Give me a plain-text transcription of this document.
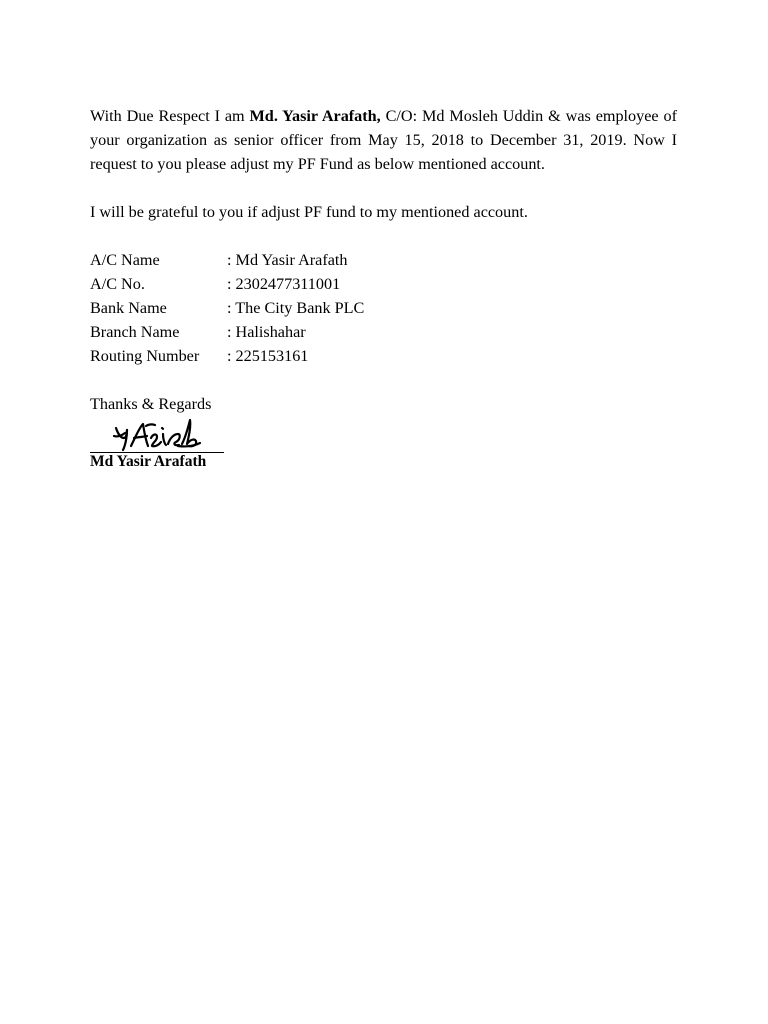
With Due Respect I am Md. Yasir Arafath, C/O: Md Mosleh Uddin & was employee of your organization as senior officer from May 15, 2018 to December 31, 2019. Now I request to you please adjust my PF Fund as below mentioned account.

I will be grateful to you if adjust PF fund to my mentioned account.

A/C Name	: Md Yasir Arafath
A/C No.	: 2302477311001
Bank Name	: The City Bank PLC
Branch Name	: Halishahar
Routing Number	: 225153161

Thanks & Regards

Md Yasir Arafath
